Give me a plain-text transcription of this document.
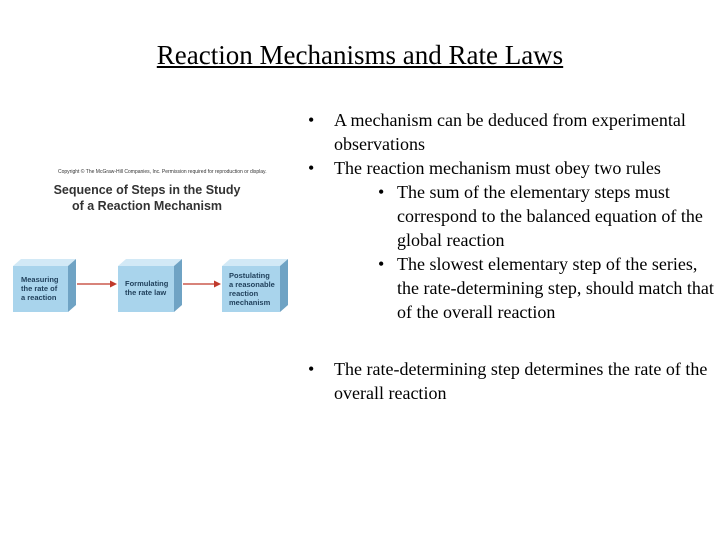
Reaction Mechanisms and Rate Laws
Copyright © The McGraw-Hill Companies, Inc. Permission required for reproduction or display.
Sequence of Steps in the Study
of a Reaction Mechanism
Measuring the rate of a reaction
Formulating the rate law
Postulating a reasonable reaction mechanism
• A mechanism can be deduced from experimental observations
• The reaction mechanism must obey two rules
• The sum of the elementary steps must correspond to the balanced equation of the global reaction
• The slowest elementary step of the series, the rate-determining step, should match that of the overall reaction
• The rate-determining step determines the rate of the overall reaction
